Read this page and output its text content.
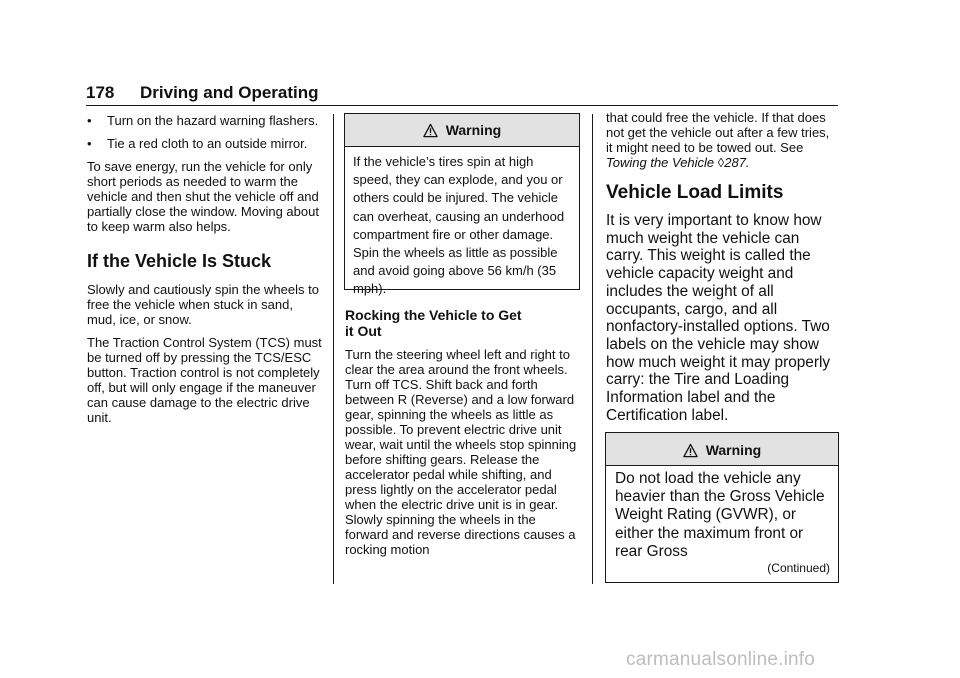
178 Driving and Operating
•	Turn on the hazard warning flashers.
•	Tie a red cloth to an outside mirror.

To save energy, run the vehicle for only short periods as needed to warm the vehicle and then shut the vehicle off and partially close the window. Moving about to keep warm also helps.

If the Vehicle Is Stuck

Slowly and cautiously spin the wheels to free the vehicle when stuck in sand, mud, ice, or snow.

The Traction Control System (TCS) must be turned off by pressing the TCS/ESC button. Traction control is not completely off, but will only engage if the maneuver can cause damage to the electric drive unit.

Warning
If the vehicle’s tires spin at high speed, they can explode, and you or others could be injured. The vehicle can overheat, causing an underhood compartment fire or other damage. Spin the wheels as little as possible and avoid going above 56 km/h (35 mph).
Rocking the Vehicle to Get
it Out

Turn the steering wheel left and right to clear the area around the front wheels. Turn off TCS. Shift back and forth between R (Reverse) and a low forward gear, spinning the wheels as little as possible. To prevent electric drive unit wear, wait until the wheels stop spinning before shifting gears. Release the accelerator pedal while shifting, and press lightly on the accelerator pedal when the electric drive unit is in gear. Slowly spinning the wheels in the forward and reverse directions causes a rocking motion

that could free the vehicle. If that does not get the vehicle out after a few tries, it might need to be towed out. See Towing the Vehicle ◊287.

Vehicle Load Limits

It is very important to know how much weight the vehicle can carry. This weight is called the vehicle capacity weight and includes the weight of all occupants, cargo, and all nonfactory-installed options. Two labels on the vehicle may show how much weight it may properly carry: the Tire and Loading Information label and the Certification label.

Warning
Do not load the vehicle any heavier than the Gross Vehicle Weight Rating (GVWR), or either the maximum front or rear Gross
(Continued)
carmanualsonline.info
